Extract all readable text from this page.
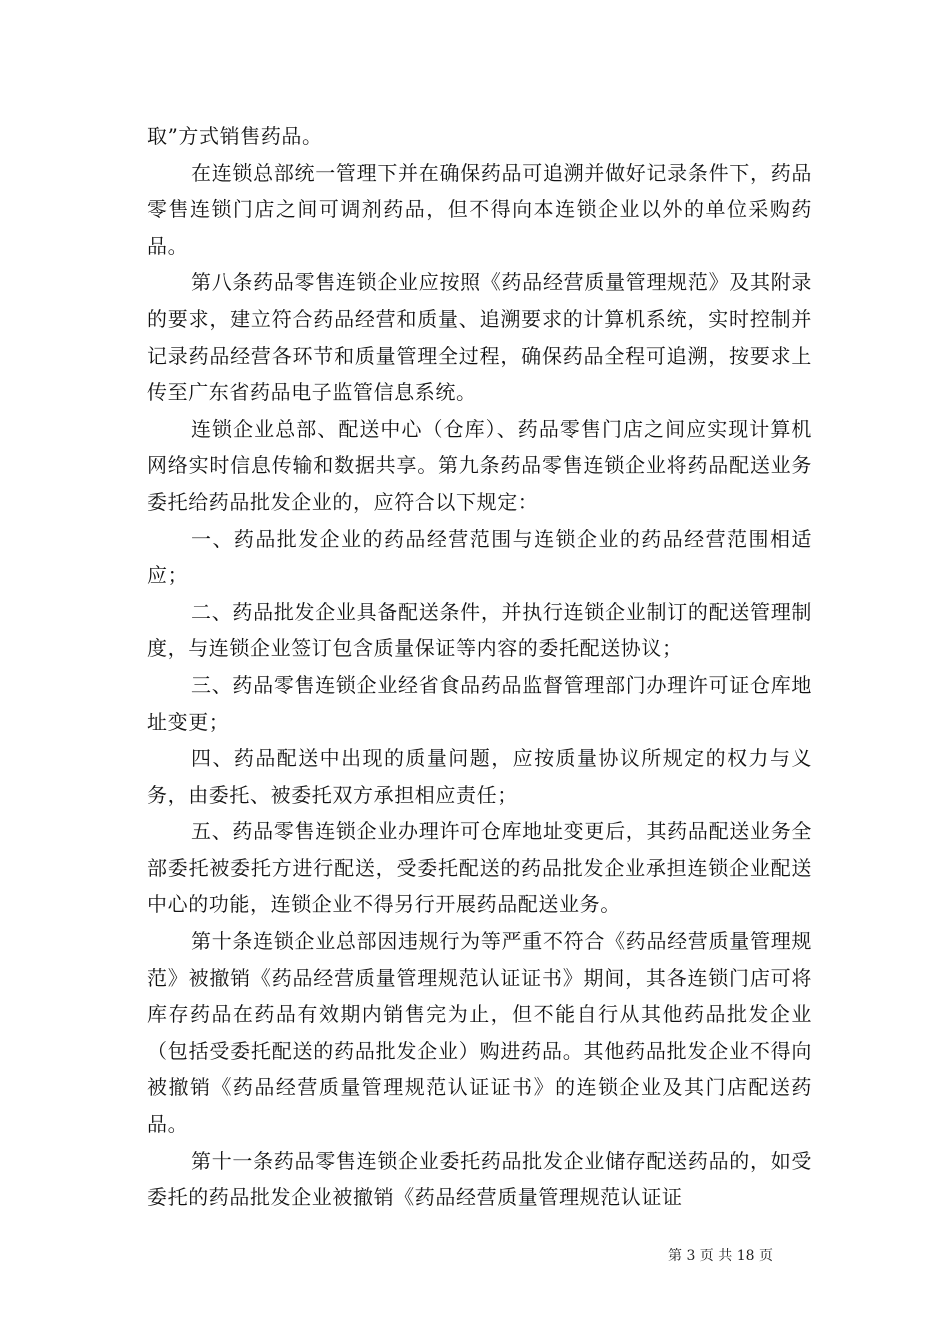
取”方式销售药品。

在连锁总部统一管理下并在确保药品可追溯并做好记录条件下，药品零售连锁门店之间可调剂药品，但不得向本连锁企业以外的单位采购药品。

第八条药品零售连锁企业应按照《药品经营质量管理规范》及其附录的要求，建立符合药品经营和质量、追溯要求的计算机系统，实时控制并记录药品经营各环节和质量管理全过程，确保药品全程可追溯，按要求上传至广东省药品电子监管信息系统。

连锁企业总部、配送中心（仓库）、药品零售门店之间应实现计算机网络实时信息传输和数据共享。第九条药品零售连锁企业将药品配送业务委托给药品批发企业的，应符合以下规定：

一、药品批发企业的药品经营范围与连锁企业的药品经营范围相适应；

二、药品批发企业具备配送条件，并执行连锁企业制订的配送管理制度，与连锁企业签订包含质量保证等内容的委托配送协议；

三、药品零售连锁企业经省食品药品监督管理部门办理许可证仓库地址变更；

四、药品配送中出现的质量问题，应按质量协议所规定的权力与义务，由委托、被委托双方承担相应责任；

五、药品零售连锁企业办理许可仓库地址变更后，其药品配送业务全部委托被委托方进行配送，受委托配送的药品批发企业承担连锁企业配送中心的功能，连锁企业不得另行开展药品配送业务。

第十条连锁企业总部因违规行为等严重不符合《药品经营质量管理规范》被撤销《药品经营质量管理规范认证证书》期间，其各连锁门店可将库存药品在药品有效期内销售完为止，但不能自行从其他药品批发企业（包括受委托配送的药品批发企业）购进药品。其他药品批发企业不得向被撤销《药品经营质量管理规范认证证书》的连锁企业及其门店配送药品。

第十一条药品零售连锁企业委托药品批发企业储存配送药品的，如受委托的药品批发企业被撤销《药品经营质量管理规范认证证

第 3 页 共 18 页
